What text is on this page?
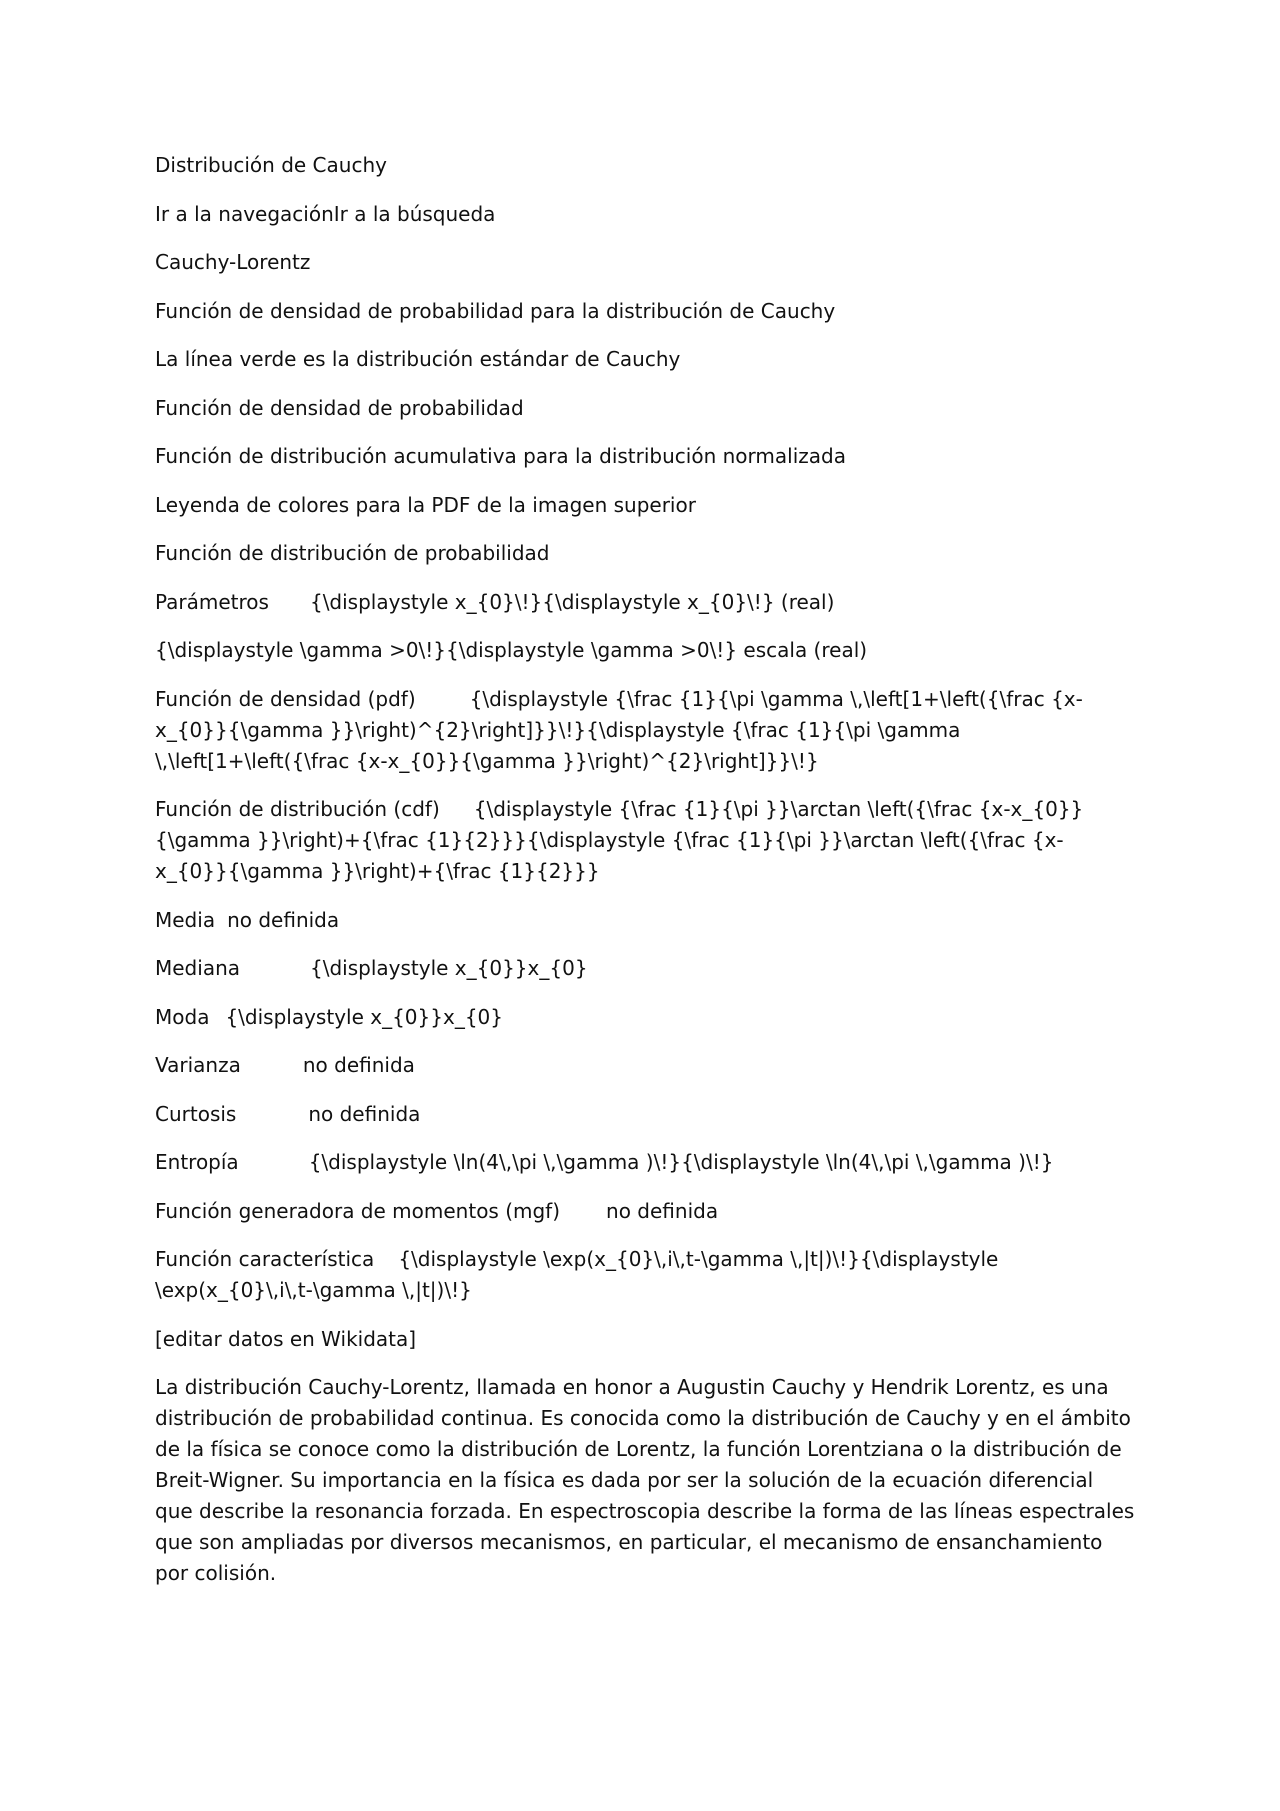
Distribución de Cauchy

Ir a la navegaciónIr a la búsqueda

Cauchy-Lorentz

Función de densidad de probabilidad para la distribución de Cauchy

La línea verde es la distribución estándar de Cauchy

Función de densidad de probabilidad

Función de distribución acumulativa para la distribución normalizada

Leyenda de colores para la PDF de la imagen superior

Función de distribución de probabilidad

Parámetros {\displaystyle x_{0}\!}{\displaystyle x_{0}\!} (real)

{\displaystyle \gamma >0\!}{\displaystyle \gamma >0\!} escala (real)

Función de densidad (pdf)	{\displaystyle {\frac {1}{\pi \gamma \,\left[1+\left({\frac {x-x_{0}}{\gamma }}\right)^{2}\right]}}\!}{\displaystyle {\frac {1}{\pi \gamma \,\left[1+\left({\frac {x-x_{0}}{\gamma }}\right)^{2}\right]}}\!}

Función de distribución (cdf) {\displaystyle {\frac {1}{\pi }}\arctan \left({\frac {x-x_{0}}{\gamma }}\right)+{\frac {1}{2}}}{\displaystyle {\frac {1}{\pi }}\arctan \left({\frac {x-x_{0}}{\gamma }}\right)+{\frac {1}{2}}}

Media no definida

Mediana	{\displaystyle x_{0}}x_{0}

Moda {\displaystyle x_{0}}x_{0}

Varianza	no definida

Curtosis	no definida

Entropía	{\displaystyle \ln(4\,\pi \,\gamma )\!}{\displaystyle \ln(4\,\pi \,\gamma )\!}

Función generadora de momentos (mgf) no definida

Función característica {\displaystyle \exp(x_{0}\,i\,t-\gamma \,|t|)\!}{\displaystyle \exp(x_{0}\,i\,t-\gamma \,|t|)\!}

[editar datos en Wikidata]

La distribución Cauchy-Lorentz, llamada en honor a Augustin Cauchy y Hendrik Lorentz, es una distribución de probabilidad continua. Es conocida como la distribución de Cauchy y en el ámbito de la física se conoce como la distribución de Lorentz, la función Lorentziana o la distribución de Breit-Wigner. Su importancia en la física es dada por ser la solución de la ecuación diferencial que describe la resonancia forzada. En espectroscopia describe la forma de las líneas espectrales que son ampliadas por diversos mecanismos, en particular, el mecanismo de ensanchamiento por colisión.
